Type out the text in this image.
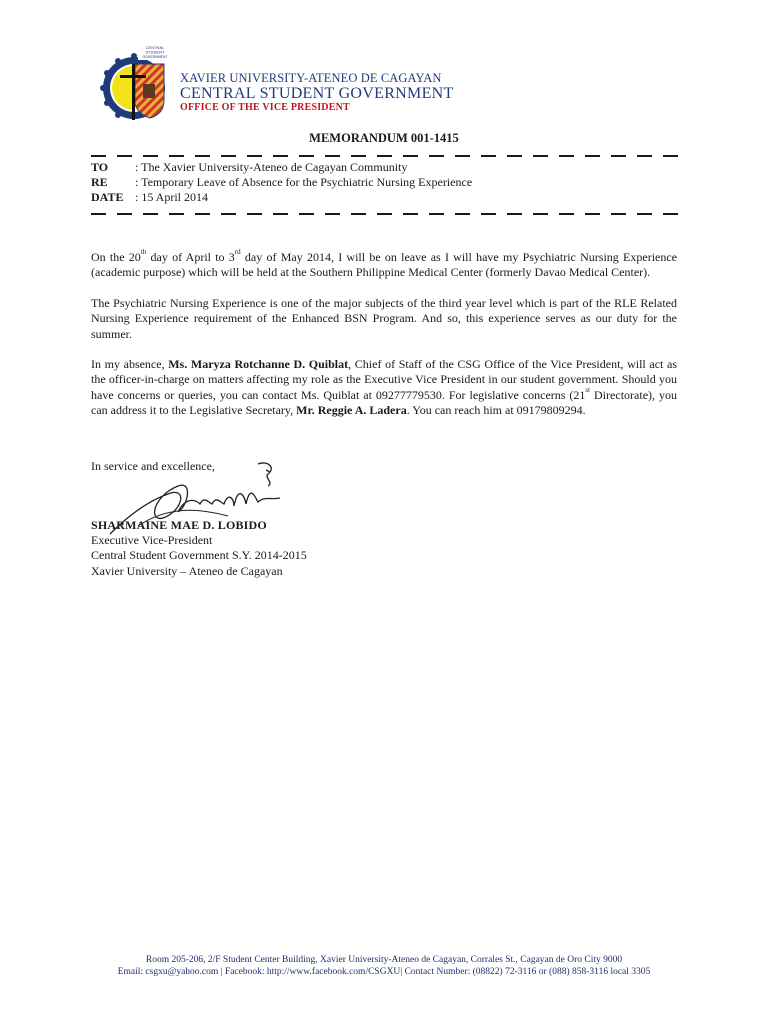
CENTRAL
STUDENT
GOVERNMENT
XAVIER UNIVERSITY-ATENEO DE CAGAYAN
CENTRAL STUDENT GOVERNMENT
OFFICE OF THE VICE PRESIDENT
MEMORANDUM 001-1415
TO	: The Xavier University-Ateneo de Cagayan Community
RE	: Temporary Leave of Absence for the Psychiatric Nursing Experience
DATE : 15 April 2014
On the 20th day of April to 3rd day of May 2014, I will be on leave as I will have my Psychiatric Nursing Experience (academic purpose) which will be held at the Southern Philippine Medical Center (formerly Davao Medical Center).
The Psychiatric Nursing Experience is one of the major subjects of the third year level which is part of the RLE Related Nursing Experience requirement of the Enhanced BSN Program. And so, this experience serves as our duty for the summer.
In my absence, Ms. Maryza Rotchanne D. Quiblat, Chief of Staff of the CSG Office of the Vice President, will act as the officer-in-charge on matters affecting my role as the Executive Vice President in our student government. Should you have concerns or queries, you can contact Ms. Quiblat at 09277779530. For legislative concerns (21st Directorate), you can address it to the Legislative Secretary, Mr. Reggie A. Ladera. You can reach him at 09179809294.
In service and excellence,
SHARMAINE MAE D. LOBIDO
Executive Vice-President
Central Student Government S.Y. 2014-2015
Xavier University – Ateneo de Cagayan
Room 205-206, 2/F Student Center Building, Xavier University-Ateneo de Cagayan, Corrales St., Cagayan de Oro City 9000
Email: csgxu@yahoo.com | Facebook: http://www.facebook.com/CSGXU| Contact Number: (08822) 72-3116 or (088) 858-3116 local 3305
